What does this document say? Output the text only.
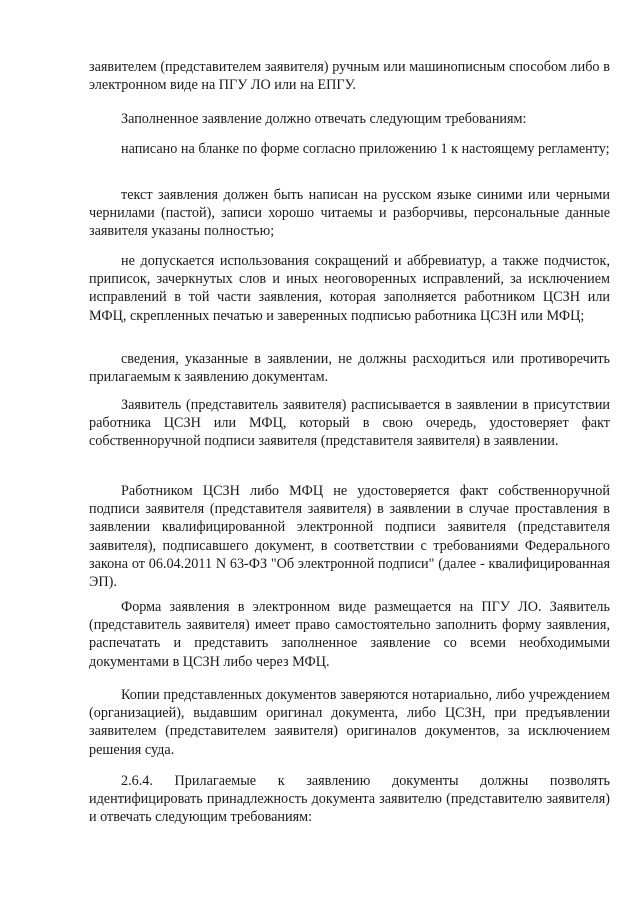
заявителем (представителем заявителя) ручным или машинописным способом либо в электронном виде на ПГУ ЛО или на ЕПГУ.

Заполненное заявление должно отвечать следующим требованиям:

написано на бланке по форме согласно приложению 1 к настоящему регламенту;

текст заявления должен быть написан на русском языке синими или черными чернилами (пастой), записи хорошо читаемы и разборчивы, персональные данные заявителя указаны полностью;

не допускается использования сокращений и аббревиатур, а также подчисток, приписок, зачеркнутых слов и иных неоговоренных исправлений, за исключением исправлений в той части заявления, которая заполняется работником ЦСЗН или МФЦ, скрепленных печатью и заверенных подписью работника ЦСЗН или МФЦ;

сведения, указанные в заявлении, не должны расходиться или противоречить прилагаемым к заявлению документам.

Заявитель (представитель заявителя) расписывается в заявлении в присутствии работника ЦСЗН или МФЦ, который в свою очередь, удостоверяет факт собственноручной подписи заявителя (представителя заявителя) в заявлении.

Работником ЦСЗН либо МФЦ не удостоверяется факт собственноручной подписи заявителя (представителя заявителя) в заявлении в случае проставления в заявлении квалифицированной электронной подписи заявителя (представителя заявителя), подписавшего документ, в соответствии с требованиями Федерального закона от 06.04.2011 N 63-ФЗ "Об электронной подписи" (далее - квалифицированная ЭП).

Форма заявления в электронном виде размещается на ПГУ ЛО. Заявитель (представитель заявителя) имеет право самостоятельно заполнить форму заявления, распечатать и представить заполненное заявление со всеми необходимыми документами в ЦСЗН либо через МФЦ.

Копии представленных документов заверяются нотариально, либо учреждением (организацией), выдавшим оригинал документа, либо ЦСЗН, при предъявлении заявителем (представителем заявителя) оригиналов документов, за исключением решения суда.

2.6.4. Прилагаемые к заявлению документы должны позволять идентифицировать принадлежность документа заявителю (представителю заявителя) и отвечать следующим требованиям:
